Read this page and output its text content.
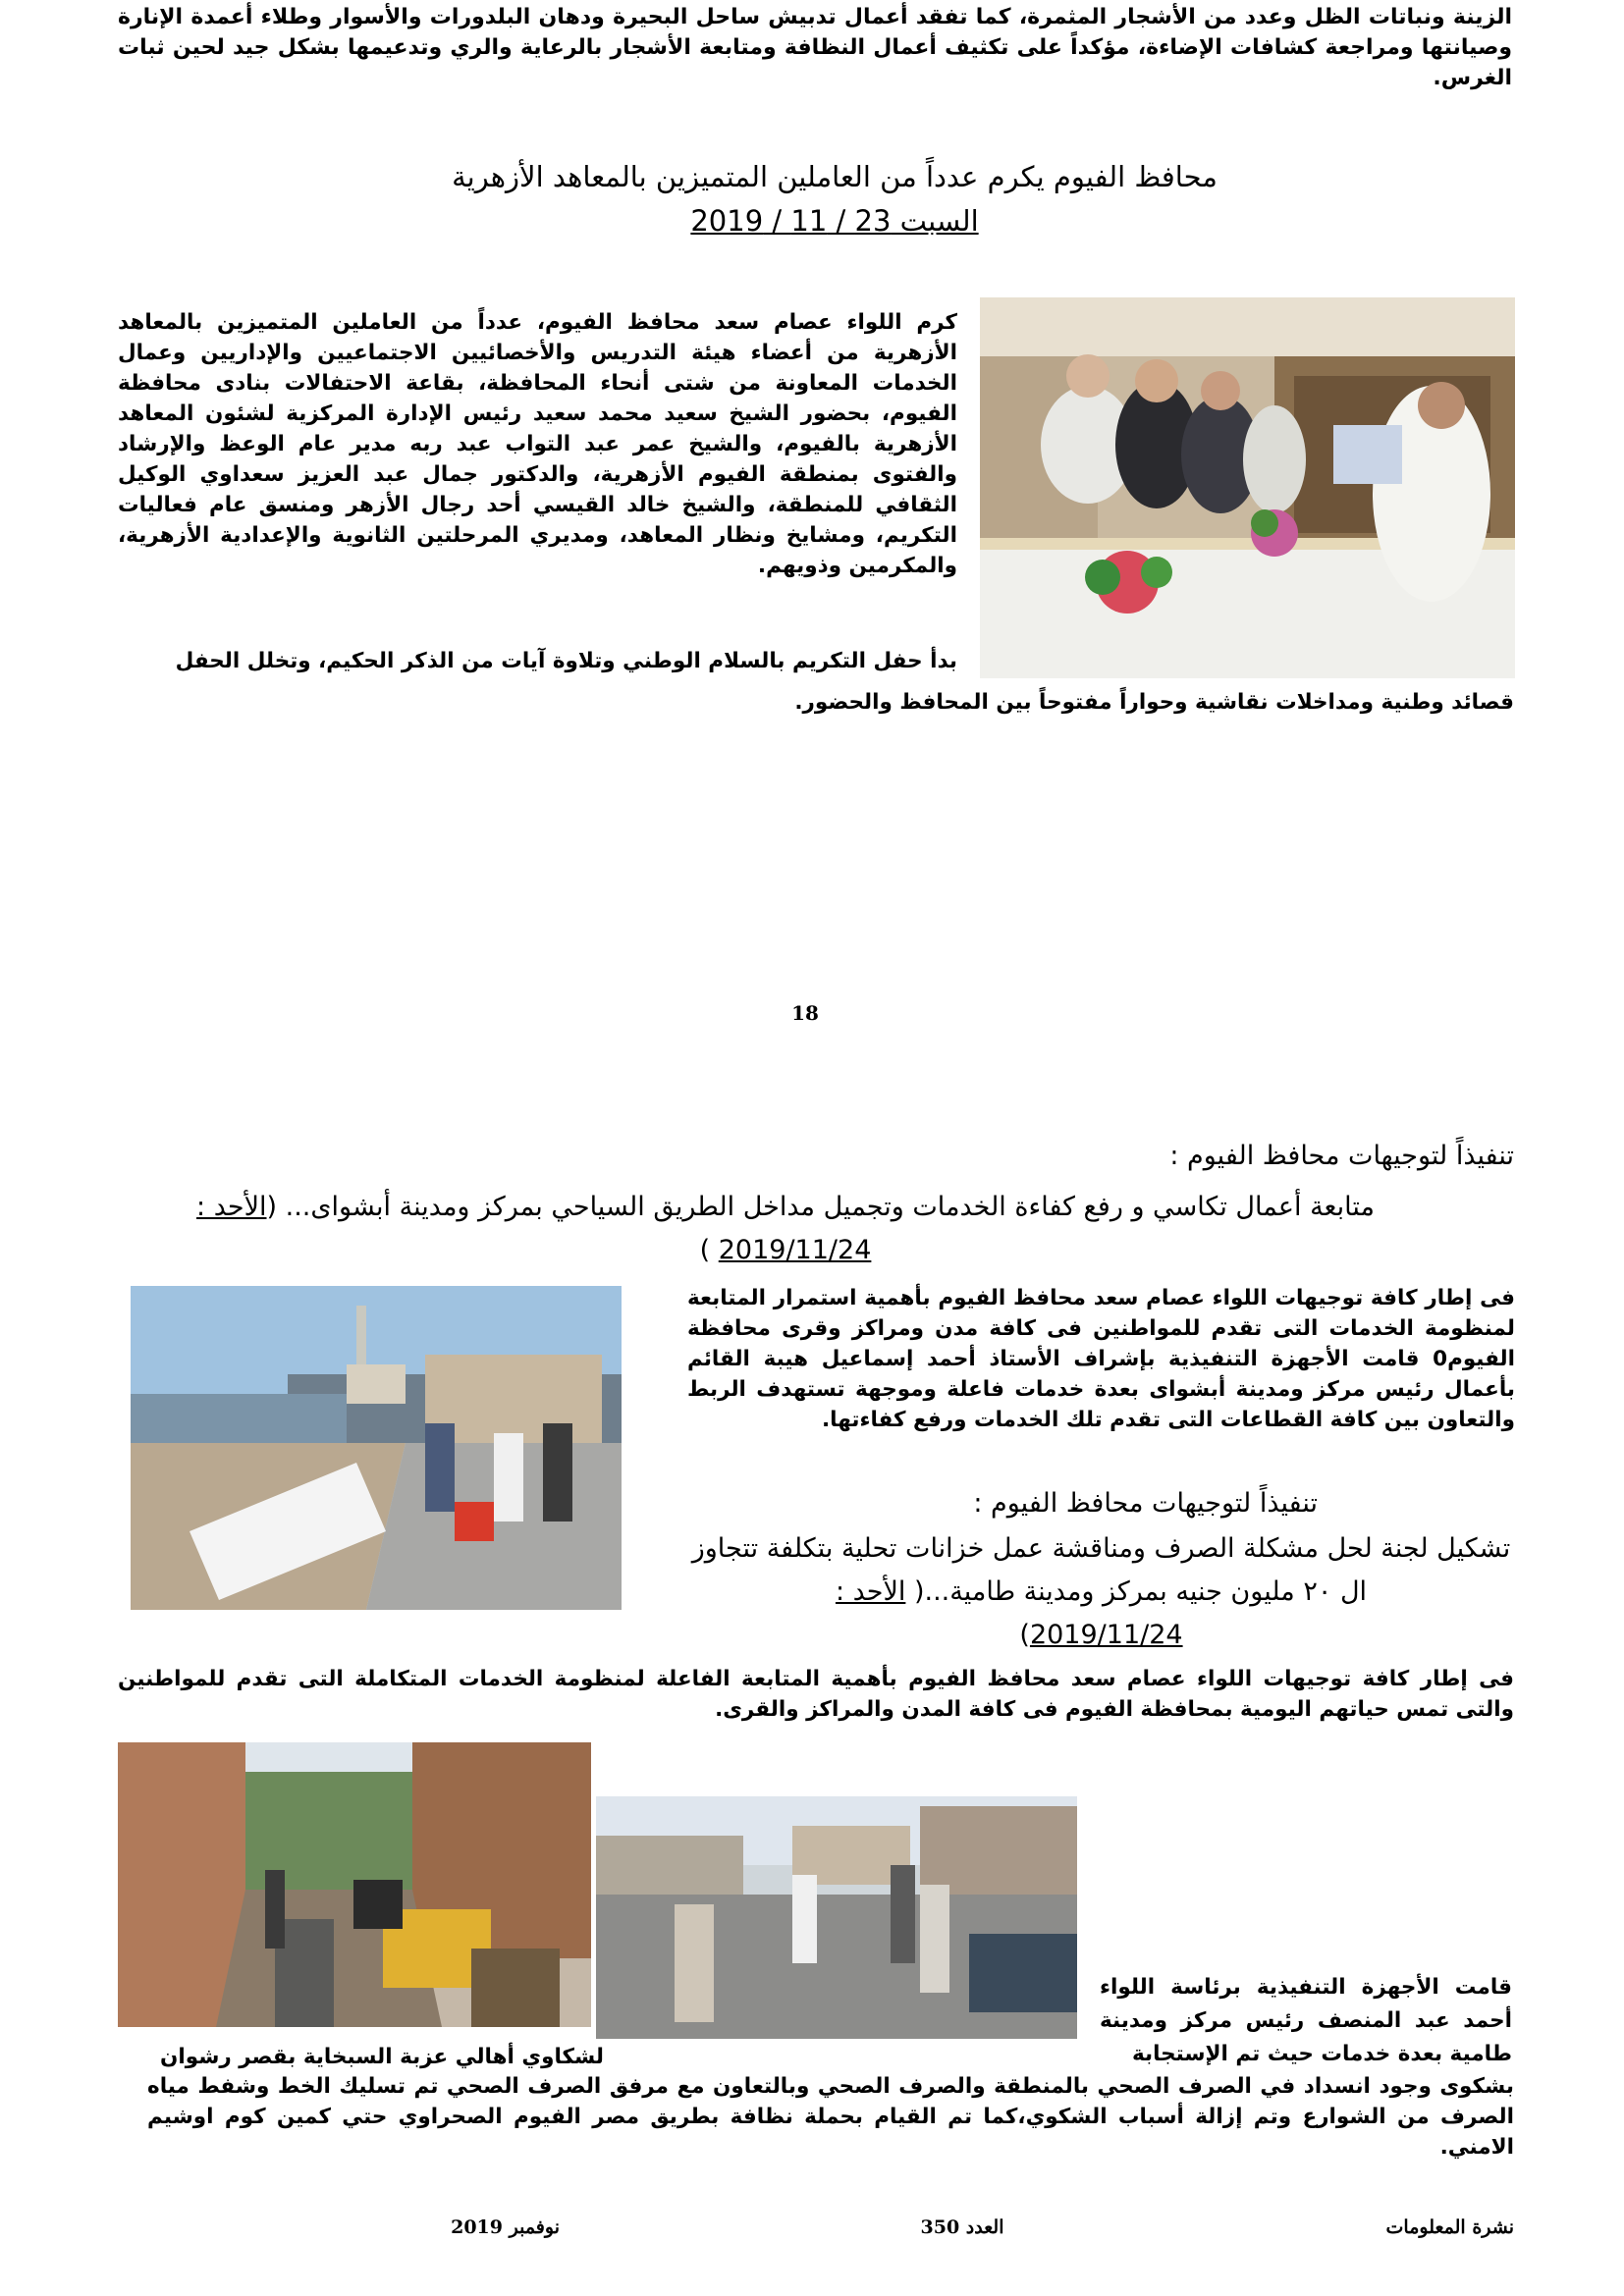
الزينة ونباتات الظل وعدد من الأشجار المثمرة، كما تفقد أعمال تدبيش ساحل البحيرة ودهان البلدورات والأسوار وطلاء أعمدة الإنارة وصيانتها ومراجعة كشافات الإضاءة، مؤكداً على تكثيف أعمال النظافة ومتابعة الأشجار بالرعاية والري وتدعيمها بشكل جيد لحين ثبات الغرس.
محافظ الفيوم يكرم عدداً من العاملين المتميزين بالمعاهد الأزهرية
السبت 23 / 11 / 2019
كرم اللواء عصام سعد محافظ الفيوم، عدداً من العاملين المتميزين بالمعاهد الأزهرية من أعضاء هيئة التدريس والأخصائيين الاجتماعيين والإداريين وعمال الخدمات المعاونة من شتى أنحاء المحافظة، بقاعة الاحتفالات بنادى محافظة الفيوم، بحضور الشيخ سعيد محمد سعيد رئيس الإدارة المركزية لشئون المعاهد الأزهرية بالفيوم، والشيخ عمر عبد التواب عبد ربه مدير عام الوعظ والإرشاد والفتوى بمنطقة الفيوم الأزهرية، والدكتور جمال عبد العزيز سعداوي الوكيل الثقافي للمنطقة، والشيخ خالد القيسي أحد رجال الأزهر ومنسق عام فعاليات التكريم، ومشايخ ونظار المعاهد، ومديري المرحلتين الثانوية والإعدادية الأزهرية، والمكرمين وذويهم.
بدأ حفل التكريم بالسلام الوطني وتلاوة آيات من الذكر الحكيم، وتخلل الحفل
قصائد وطنية ومداخلات نقاشية وحواراً مفتوحاً بين المحافظ والحضور.
18
تنفيذاً لتوجيهات محافظ الفيوم :
متابعة أعمال تكاسي و رفع كفاءة الخدمات وتجميل مداخل الطريق السياحي بمركز ومدينة أبشواى... (الأحد :
2019/11/24 )
فى إطار كافة توجيهات اللواء عصام سعد محافظ الفيوم بأهمية استمرار المتابعة لمنظومة الخدمات التى تقدم للمواطنين فى كافة مدن ومراكز وقرى محافظة الفيوم0 قامت الأجهزة التنفيذية بإشراف الأستاذ أحمد إسماعيل هيبة القائم بأعمال رئيس مركز ومدينة أبشواى بعدة خدمات فاعلة وموجهة تستهدف الربط والتعاون بين كافة القطاعات التى تقدم تلك الخدمات ورفع كفاءتها.
تنفيذاً لتوجيهات محافظ الفيوم :
تشكيل لجنة لحل مشكلة الصرف ومناقشة عمل خزانات تحلية بتكلفة تتجاوز ال ٢٠ مليون جنيه بمركز ومدينة طامية...( الأحد :
2019/11/24)
فى إطار كافة توجيهات اللواء عصام سعد محافظ الفيوم بأهمية المتابعة الفاعلة لمنظومة الخدمات المتكاملة التى تقدم للمواطنين والتى تمس حياتهم اليومية بمحافظة الفيوم فى كافة المدن والمراكز والقرى.
قامت الأجهزة التنفيذية برئاسة اللواء أحمد عبد المنصف رئيس مركز ومدينة طامية بعدة خدمات حيث تم الإستجابة
لشكاوي أهالي عزبة السبخاية بقصر رشوان
بشكوى وجود انسداد في الصرف الصحي بالمنطقة والصرف الصحي وبالتعاون مع مرفق الصرف الصحي تم تسليك الخط وشفط مياه الصرف من الشوارع وتم إزالة أسباب الشكوي،كما تم القيام بحملة نظافة بطريق مصر الفيوم الصحراوي حتي كمين كوم اوشيم الامني.
نشرة المعلومات
العدد 350
نوفمبر 2019
